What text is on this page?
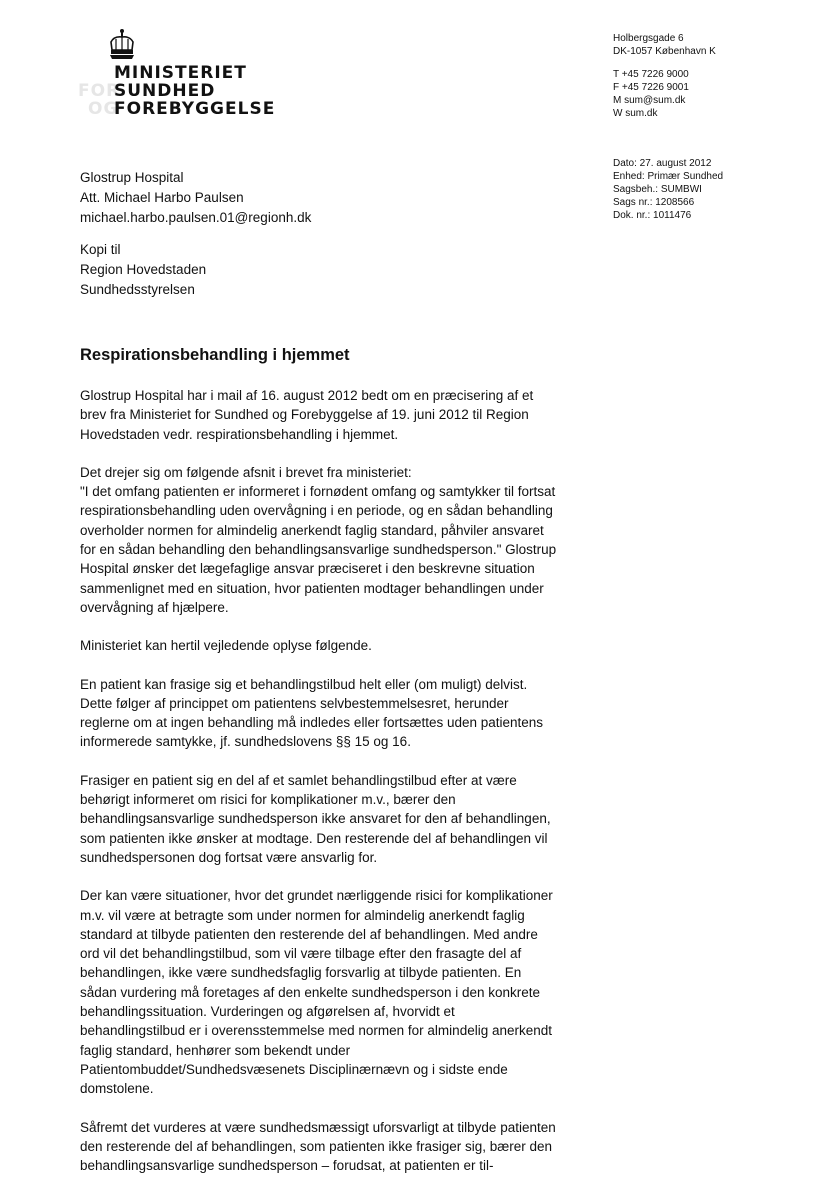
FOR
OG
MINISTERIET
SUNDHED
FOREBYGGELSE
Holbergsgade 6
DK-1057 København K
T +45 7226 9000
F +45 7226 9001
M sum@sum.dk
W sum.dk
Dato: 27. august 2012
Enhed: Primær Sundhed
Sagsbeh.: SUMBWI
Sags nr.: 1208566
Dok. nr.: 1011476
Glostrup Hospital
Att. Michael Harbo Paulsen
michael.harbo.paulsen.01@regionh.dk
Kopi til
Region Hovedstaden
Sundhedsstyrelsen
Respirationsbehandling i hjemmet

Glostrup Hospital har i mail af 16. august 2012 bedt om en præcisering af et brev fra Ministeriet for Sundhed og Forebyggelse af 19. juni 2012 til Region Hovedstaden vedr. respirationsbehandling i hjemmet.

Det drejer sig om følgende afsnit i brevet fra ministeriet:
"I det omfang patienten er informeret i fornødent omfang og samtykker til fortsat respirationsbehandling uden overvågning i en periode, og en sådan behandling overholder normen for almindelig anerkendt faglig standard, påhviler ansvaret for en sådan behandling den behandlingsansvarlige sundhedsperson." Glostrup Hospital ønsker det lægefaglige ansvar præciseret i den beskrevne situation sammenlignet med en situation, hvor patienten modtager behandlingen under overvågning af hjælpere.

Ministeriet kan hertil vejledende oplyse følgende.

En patient kan frasige sig et behandlingstilbud helt eller (om muligt) delvist. Dette følger af princippet om patientens selvbestemmelsesret, herunder reglerne om at ingen behandling må indledes eller fortsættes uden patientens informerede samtykke, jf. sundhedslovens §§ 15 og 16.

Frasiger en patient sig en del af et samlet behandlingstilbud efter at være behørigt informeret om risici for komplikationer m.v., bærer den behandlingsansvarlige sundhedsperson ikke ansvaret for den af behandlingen, som patienten ikke ønsker at modtage. Den resterende del af behandlingen vil sundhedspersonen dog fortsat være ansvarlig for.

Der kan være situationer, hvor det grundet nærliggende risici for komplikationer m.v. vil være at betragte som under normen for almindelig anerkendt faglig standard at tilbyde patienten den resterende del af behandlingen. Med andre ord vil det behandlingstilbud, som vil være tilbage efter den frasagte del af behandlingen, ikke være sundhedsfaglig forsvarlig at tilbyde patienten. En sådan vurdering må foretages af den enkelte sundhedsperson i den konkrete behandlingssituation. Vurderingen og afgørelsen af, hvorvidt et behandlingstilbud er i overensstemmelse med normen for almindelig anerkendt faglig standard, henhører som bekendt under Patientombuddet/Sundhedsvæsenets Disciplinærnævn og i sidste ende domstolene.

Såfremt det vurderes at være sundhedsmæssigt uforsvarligt at tilbyde patienten den resterende del af behandlingen, som patienten ikke frasiger sig, bærer den behandlingsansvarlige sundhedsperson – forudsat, at patienten er til-
